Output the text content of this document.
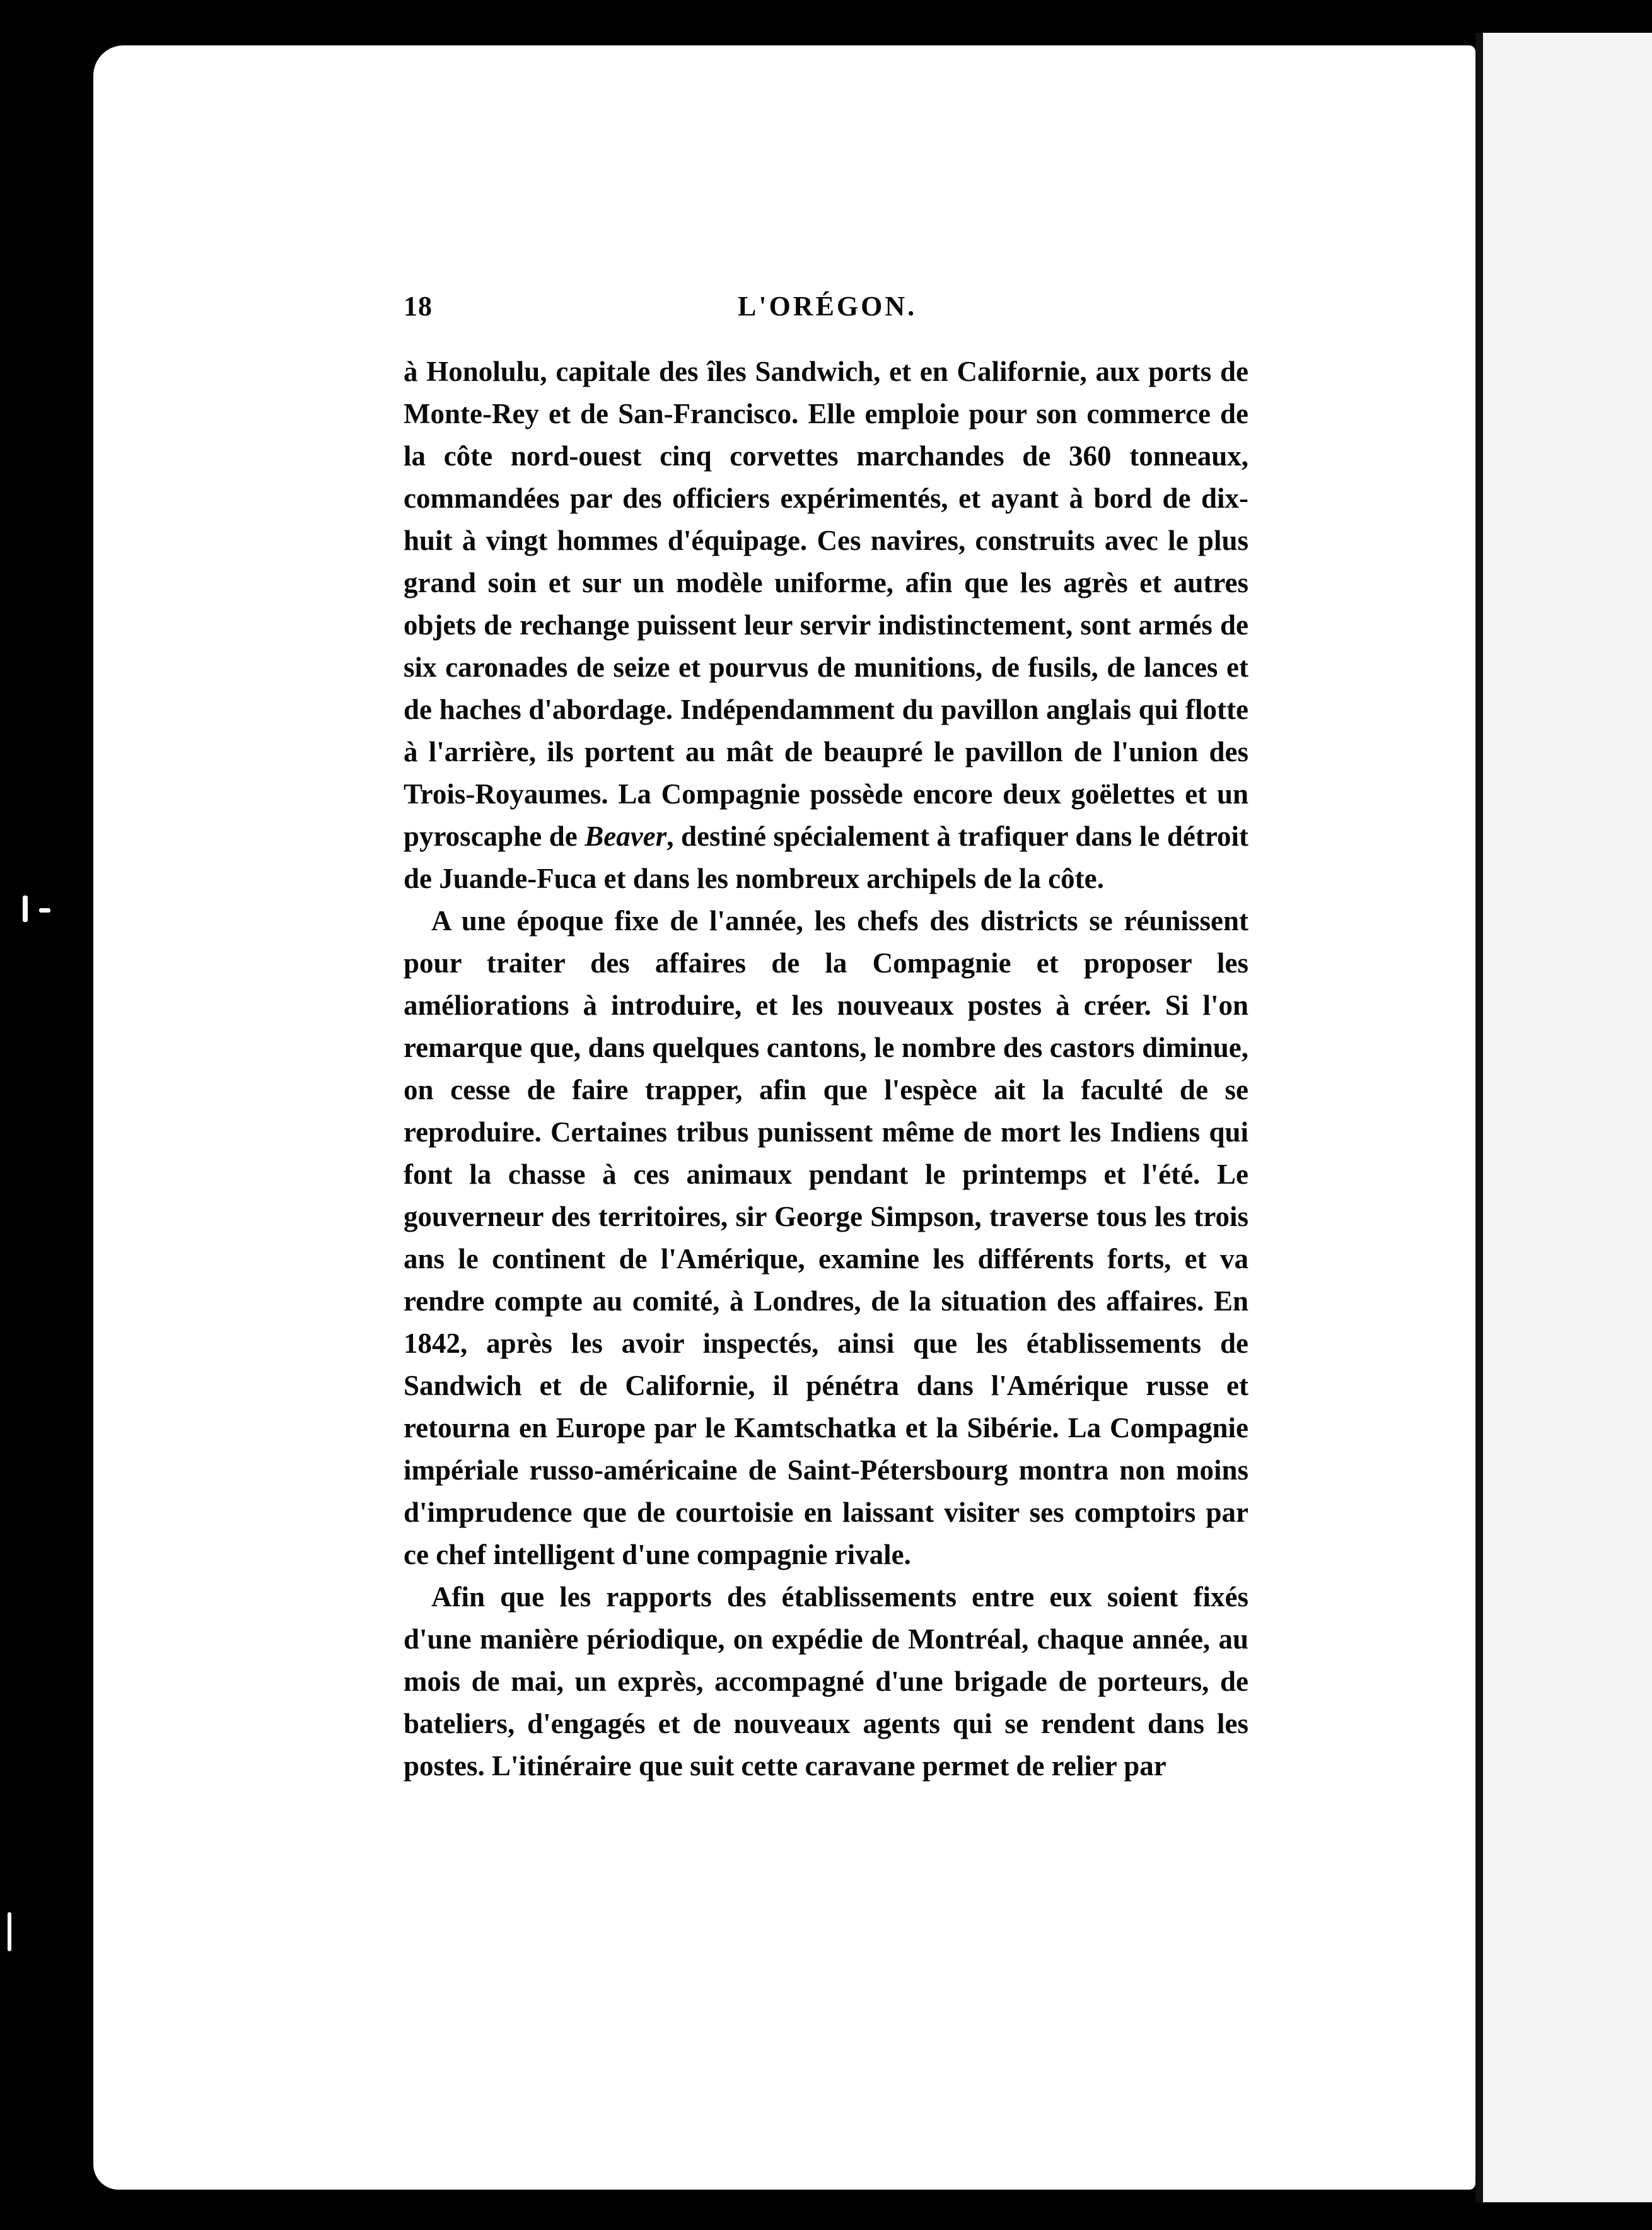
18	L'ORÉGON.

à Honolulu, capitale des îles Sandwich, et en Californie, aux ports de Monte-Rey et de San-Francisco. Elle emploie pour son commerce de la côte nord-ouest cinq corvettes marchandes de 360 tonneaux, commandées par des officiers expérimentés, et ayant à bord de dix-huit à vingt hommes d'équipage. Ces navires, construits avec le plus grand soin et sur un modèle uniforme, afin que les agrès et autres objets de rechange puissent leur servir indistinctement, sont armés de six caronades de seize et pourvus de munitions, de fusils, de lances et de haches d'abordage. Indépendamment du pavillon anglais qui flotte à l'arrière, ils portent au mât de beaupré le pavillon de l'union des Trois-Royaumes. La Compagnie possède encore deux goëlettes et un pyroscaphe de Beaver, destiné spécialement à trafiquer dans le détroit de Juande-Fuca et dans les nombreux archipels de la côte.

A une époque fixe de l'année, les chefs des districts se réunissent pour traiter des affaires de la Compagnie et proposer les améliorations à introduire, et les nouveaux postes à créer. Si l'on remarque que, dans quelques cantons, le nombre des castors diminue, on cesse de faire trapper, afin que l'espèce ait la faculté de se reproduire. Certaines tribus punissent même de mort les Indiens qui font la chasse à ces animaux pendant le printemps et l'été. Le gouverneur des territoires, sir George Simpson, traverse tous les trois ans le continent de l'Amérique, examine les différents forts, et va rendre compte au comité, à Londres, de la situation des affaires. En 1842, après les avoir inspectés, ainsi que les établissements de Sandwich et de Californie, il pénétra dans l'Amérique russe et retourna en Europe par le Kamtschatka et la Sibérie. La Compagnie impériale russo-américaine de Saint-Pétersbourg montra non moins d'imprudence que de courtoisie en laissant visiter ses comptoirs par ce chef intelligent d'une compagnie rivale.

Afin que les rapports des établissements entre eux soient fixés d'une manière périodique, on expédie de Montréal, chaque année, au mois de mai, un exprès, accompagné d'une brigade de porteurs, de bateliers, d'engagés et de nouveaux agents qui se rendent dans les postes. L'itinéraire que suit cette caravane permet de relier par
